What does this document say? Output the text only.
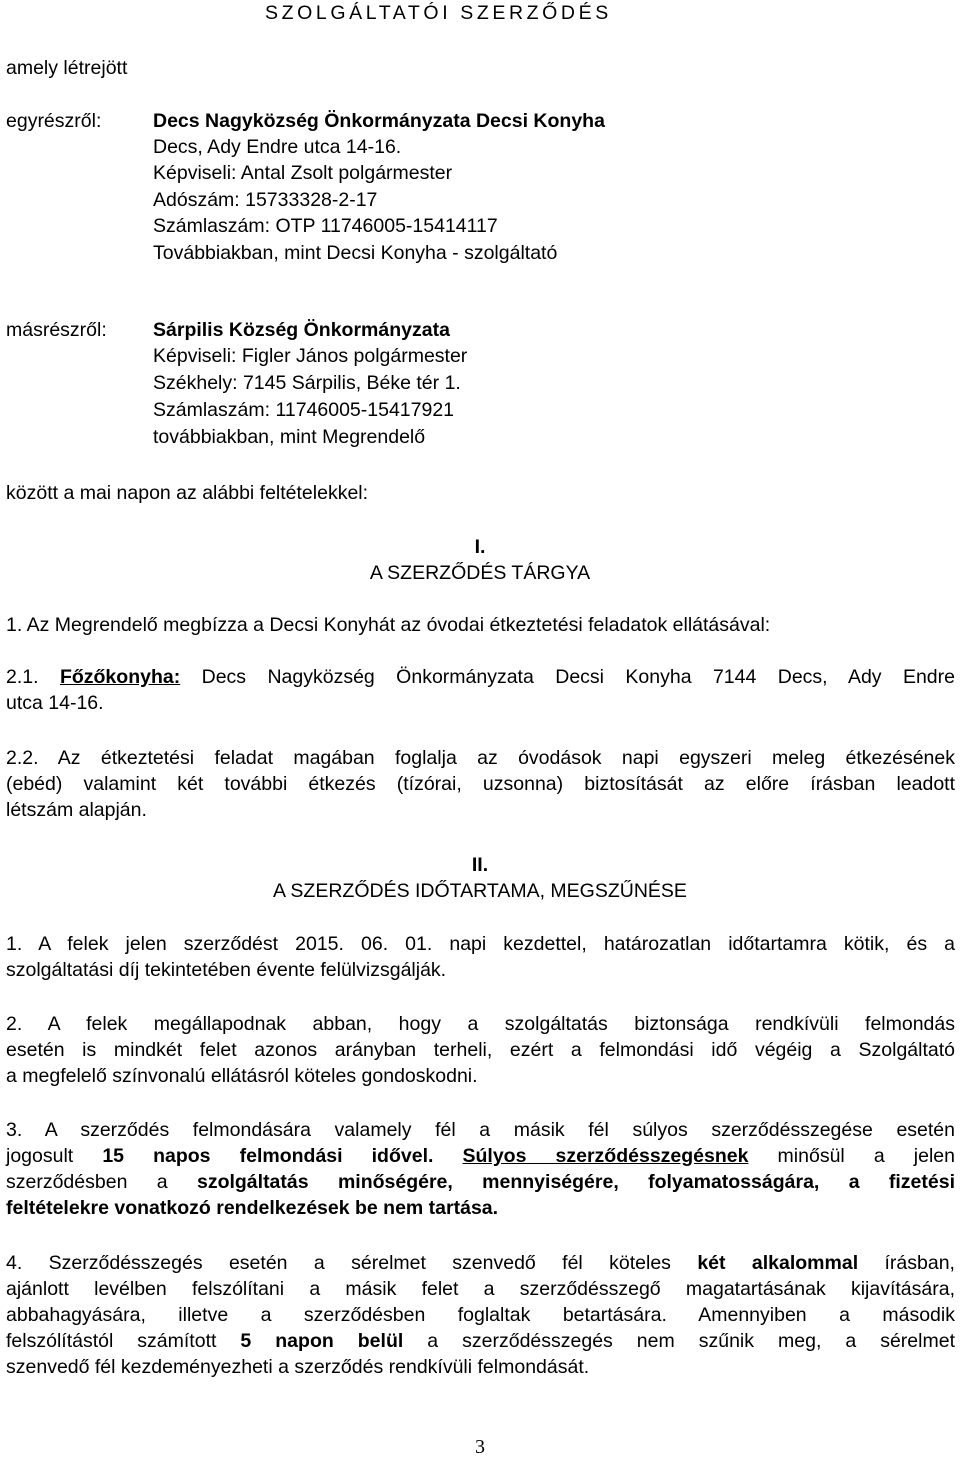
SZOLGÁLTATÓI SZERZŐDÉS
amely létrejött
egyrészről:	Decs Nagyközség Önkormányzata Decsi Konyha
Decs, Ady Endre utca 14-16.
Képviseli: Antal Zsolt polgármester
Adószám: 15733328-2-17
Számlaszám: OTP 11746005-15414117
Továbbiakban, mint Decsi Konyha - szolgáltató
másrészről: Sárpilis Község Önkormányzata
Képviseli: Figler János polgármester
Székhely: 7145 Sárpilis, Béke tér 1.
Számlaszám: 11746005-15417921
továbbiakban, mint Megrendelő
között a mai napon az alábbi feltételekkel:
I.
A SZERZŐDÉS TÁRGYA
1. Az Megrendelő megbízza a Decsi Konyhát az óvodai étkeztetési feladatok ellátásával:
2.1. Főzőkonyha: Decs Nagyközség Önkormányzata Decsi Konyha 7144 Decs, Ady Endre
utca 14-16.
2.2. Az étkeztetési feladat magában foglalja az óvodások napi egyszeri meleg étkezésének
(ebéd) valamint két további étkezés (tízórai, uzsonna) biztosítását az előre írásban leadott
létszám alapján.
II.
A SZERZŐDÉS IDŐTARTAMA, MEGSZŰNÉSE
1. A felek jelen szerződést 2015. 06. 01. napi kezdettel, határozatlan időtartamra kötik, és a
szolgáltatási díj tekintetében évente felülvizsgálják.
2. A felek megállapodnak abban, hogy a szolgáltatás biztonsága rendkívüli felmondás
esetén is mindkét felet azonos arányban terheli, ezért a felmondási idő végéig a Szolgáltató
a megfelelő színvonalú ellátásról köteles gondoskodni.
3. A szerződés felmondására valamely fél a másik fél súlyos szerződésszegése esetén
jogosult 15 napos felmondási idővel. Súlyos szerződésszegésnek minősül a jelen
szerződésben a szolgáltatás minőségére, mennyiségére, folyamatosságára, a fizetési
feltételekre vonatkozó rendelkezések be nem tartása.
4. Szerződésszegés esetén a sérelmet szenvedő fél köteles két alkalommal írásban,
ajánlott levélben felszólítani a másik felet a szerződésszegő magatartásának kijavítására,
abbahagyására, illetve a szerződésben foglaltak betartására. Amennyiben a második
felszólítástól számított 5 napon belül a szerződésszegés nem szűnik meg, a sérelmet
szenvedő fél kezdeményezheti a szerződés rendkívüli felmondását.
3
